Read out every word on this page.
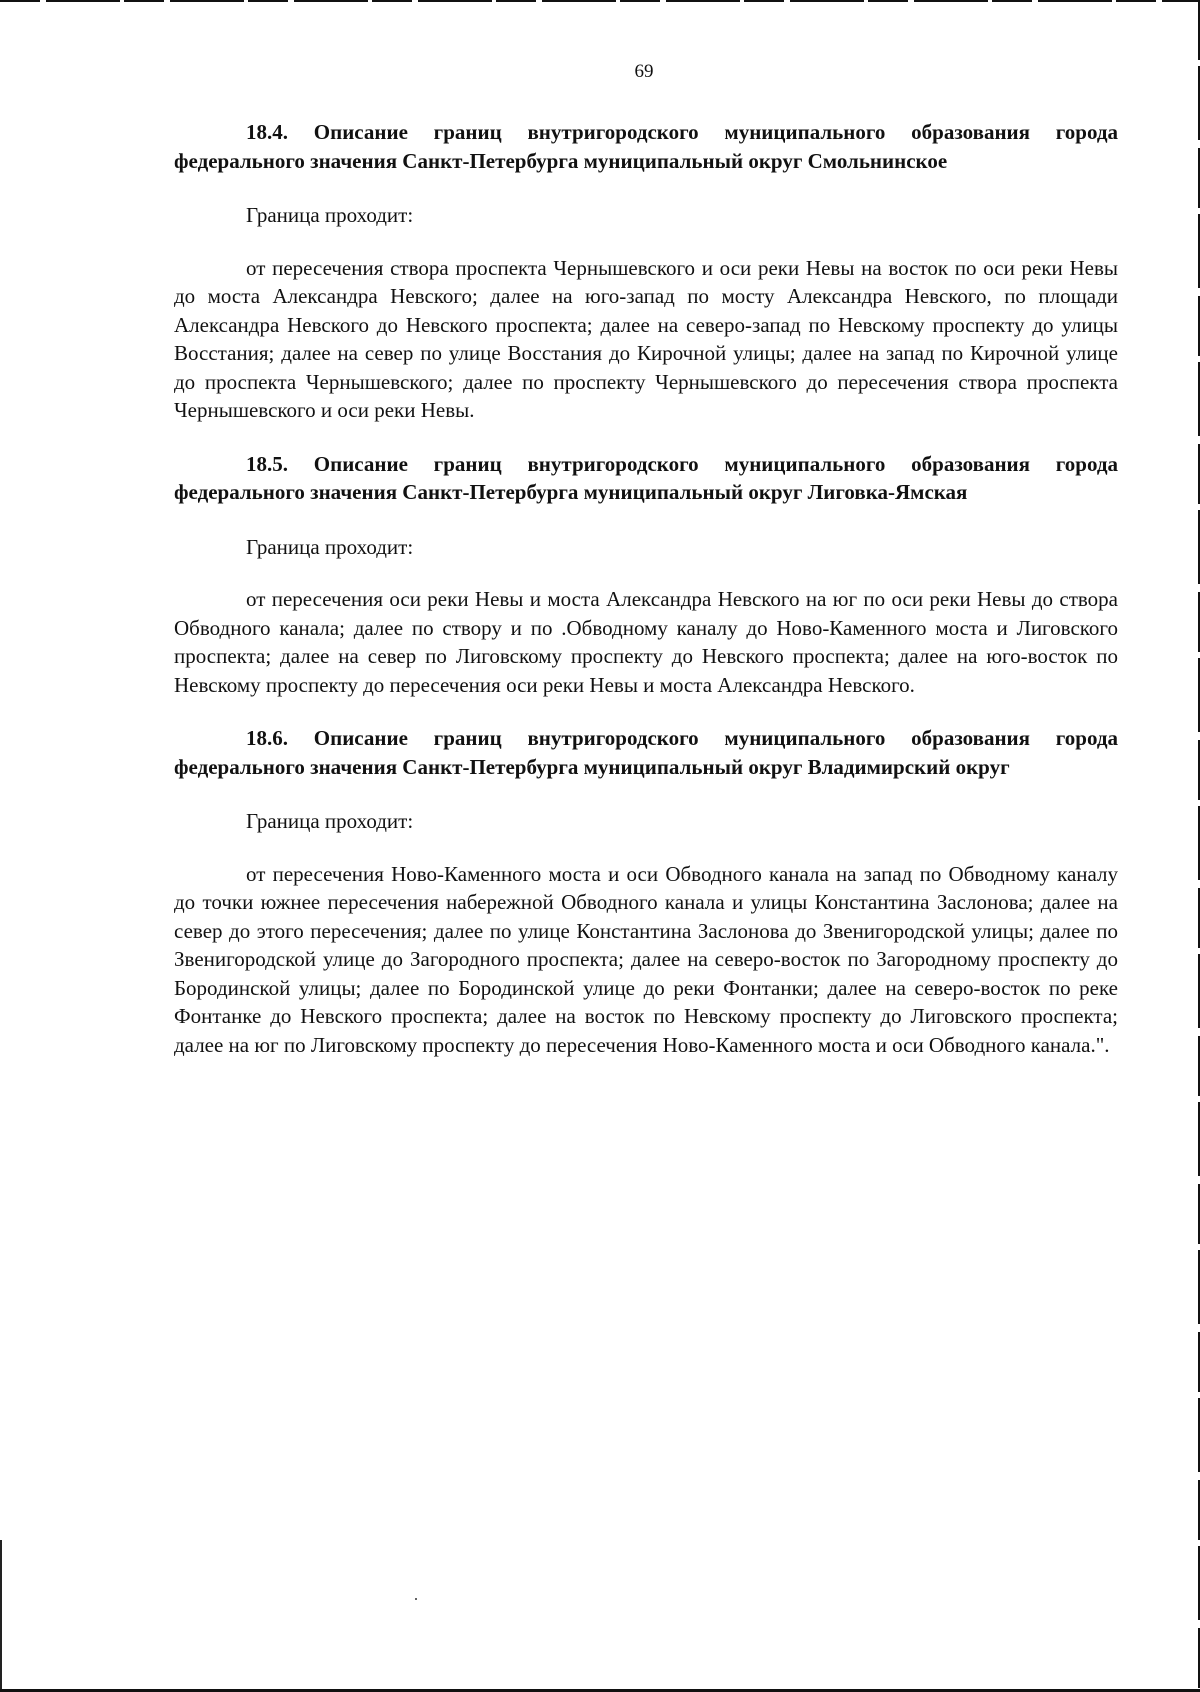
69

18.4. Описание границ внутригородского муниципального образования города федерального значения Санкт-Петербурга муниципальный округ Смольнинское

Граница проходит:

от пересечения створа проспекта Чернышевского и оси реки Невы на восток по оси реки Невы до моста Александра Невского; далее на юго-запад по мосту Александра Невского, по площади Александра Невского до Невского проспекта; далее на северо-запад по Невскому проспекту до улицы Восстания; далее на север по улице Восстания до Кирочной улицы; далее на запад по Кирочной улице до проспекта Чернышевского; далее по проспекту Чернышевского до пересечения створа проспекта Чернышевского и оси реки Невы.

18.5. Описание границ внутригородского муниципального образования города федерального значения Санкт-Петербурга муниципальный округ Лиговка-Ямская

Граница проходит:

от пересечения оси реки Невы и моста Александра Невского на юг по оси реки Невы до створа Обводного канала; далее по створу и по .Обводному каналу до Ново-Каменного моста и Лиговского проспекта; далее на север по Лиговскому проспекту до Невского проспекта; далее на юго-восток по Невскому проспекту до пересечения оси реки Невы и моста Александра Невского.

18.6. Описание границ внутригородского муниципального образования города федерального значения Санкт-Петербурга муниципальный округ Владимирский округ

Граница проходит:

от пересечения Ново-Каменного моста и оси Обводного канала на запад по Обводному каналу до точки южнее пересечения набережной Обводного канала и улицы Константина Заслонова; далее на север до этого пересечения; далее по улице Константина Заслонова до Звенигородской улицы; далее по Звенигородской улице до Загородного проспекта; далее на северо-восток по Загородному проспекту до Бородинской улицы; далее по Бородинской улице до реки Фонтанки; далее на северо-восток по реке Фонтанке до Невского проспекта; далее на восток по Невскому проспекту до Лиговского проспекта; далее на юг по Лиговскому проспекту до пересечения Ново-Каменного моста и оси Обводного канала.".
